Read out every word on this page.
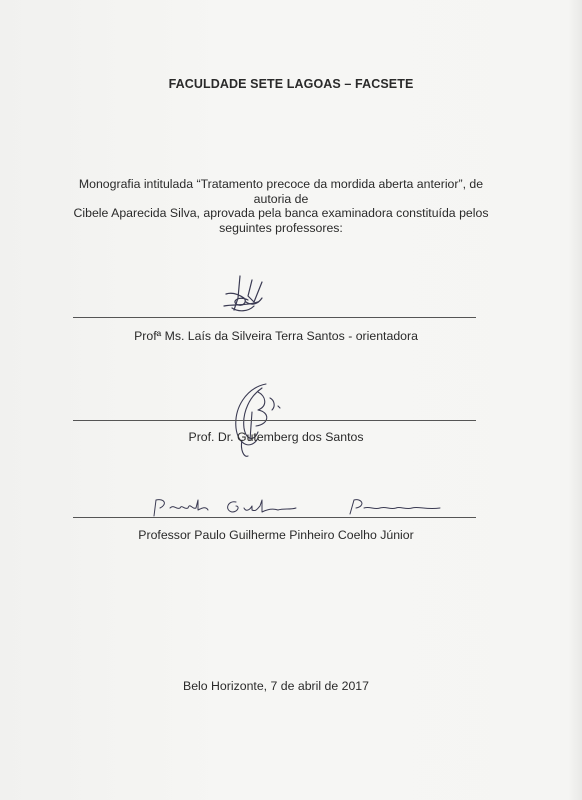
FACULDADE SETE LAGOAS – FACSETE
Monografia intitulada “Tratamento precoce da mordida aberta anterior”, de autoria de
Cibele Aparecida Silva, aprovada pela banca examinadora constituída pelos
seguintes professores:
Profª Ms. Laís da Silveira Terra Santos - orientadora
Prof. Dr. Gutemberg dos Santos
Professor Paulo Guilherme Pinheiro Coelho Júnior
Belo Horizonte, 7 de abril de 2017
